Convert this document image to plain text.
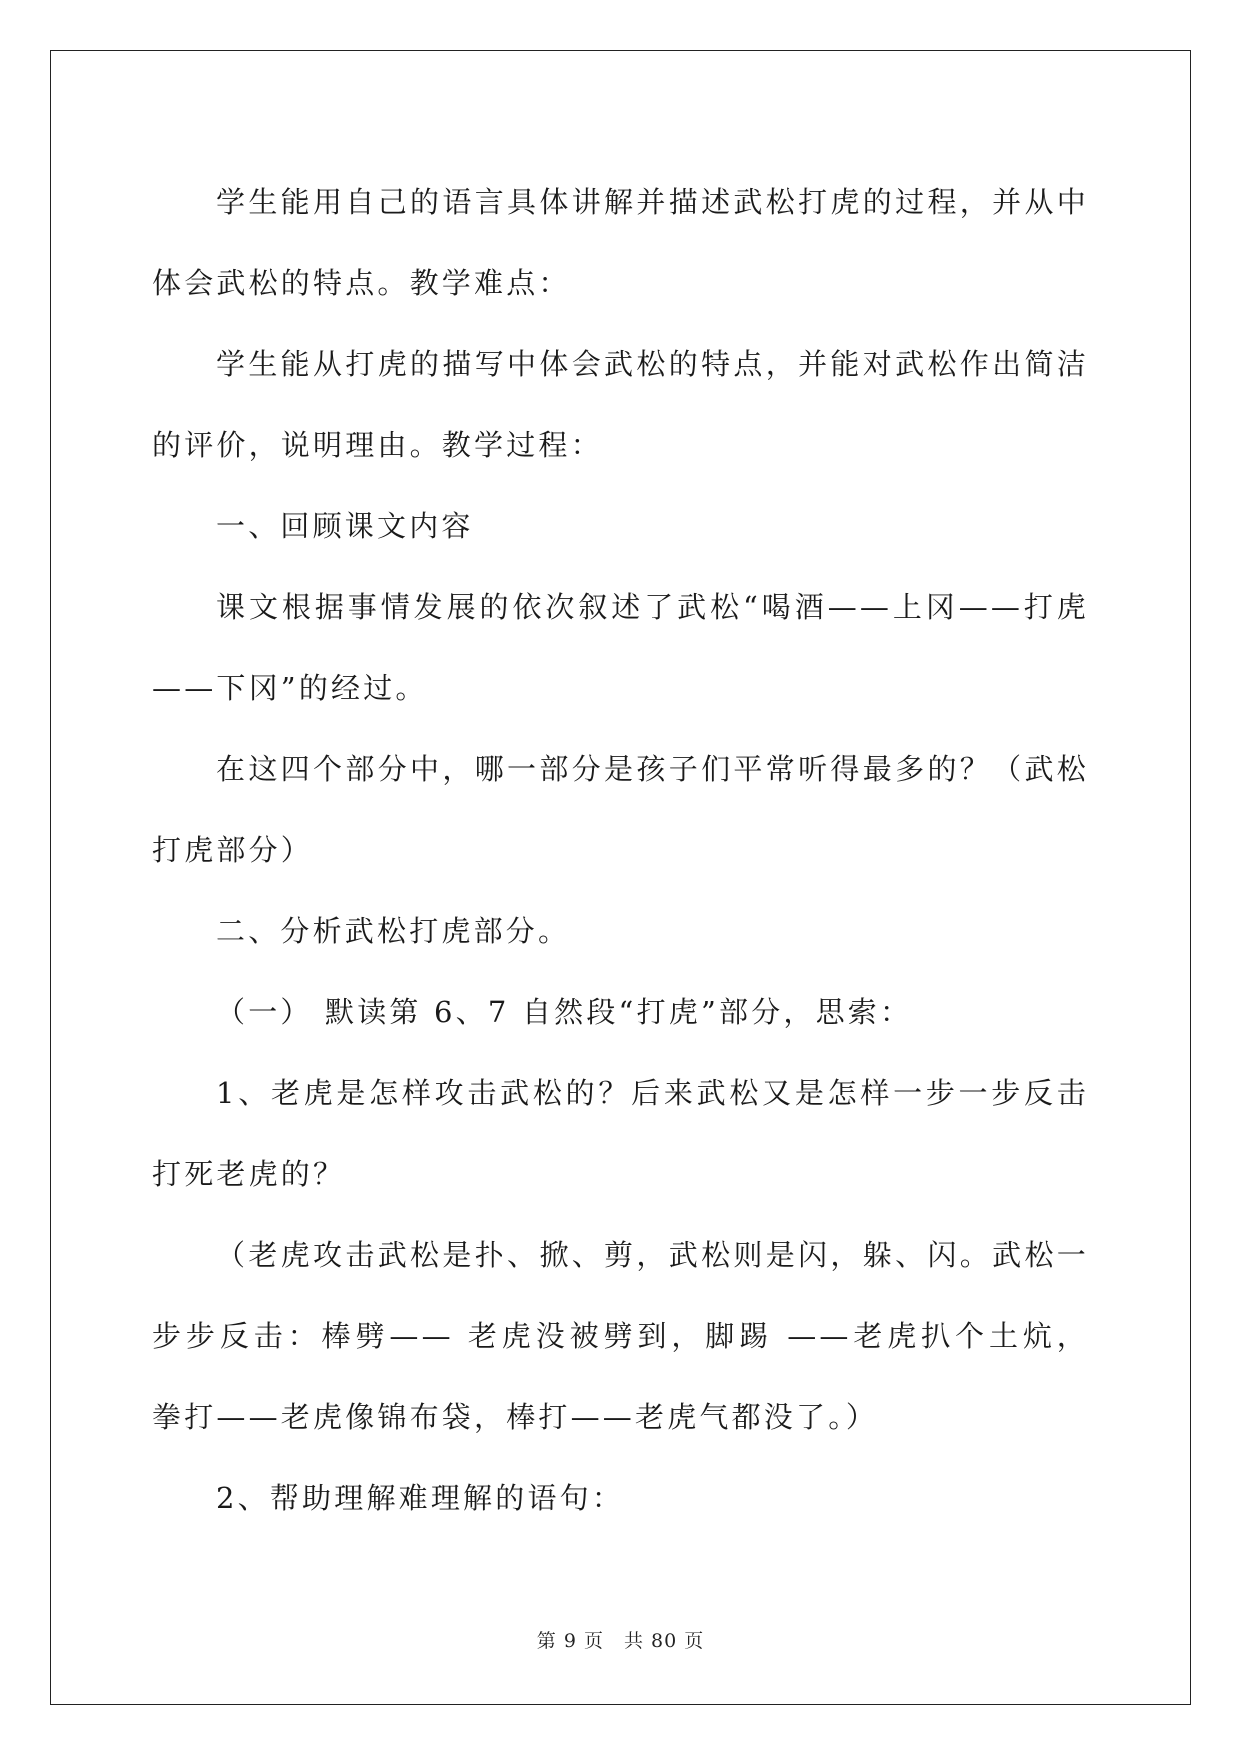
学生能用自己的语言具体讲解并描述武松打虎的过程，并从中体会武松的特点。教学难点：

学生能从打虎的描写中体会武松的特点，并能对武松作出简洁的评价，说明理由。教学过程：

一、回顾课文内容

课文根据事情发展的依次叙述了武松“喝酒——上冈——打虎——下冈”的经过。

在这四个部分中，哪一部分是孩子们平常听得最多的？（武松打虎部分）

二、分析武松打虎部分。

（一） 默读第 6、7 自然段“打虎”部分，思索：

1、老虎是怎样攻击武松的？后来武松又是怎样一步一步反击打死老虎的？

（老虎攻击武松是扑、掀、剪，武松则是闪，躲、闪。武松一步步反击：棒劈—— 老虎没被劈到，脚踢 ——老虎扒个土炕， 拳打——老虎像锦布袋，棒打——老虎气都没了。）

2、帮助理解难理解的语句：

第 9 页　共 80 页
